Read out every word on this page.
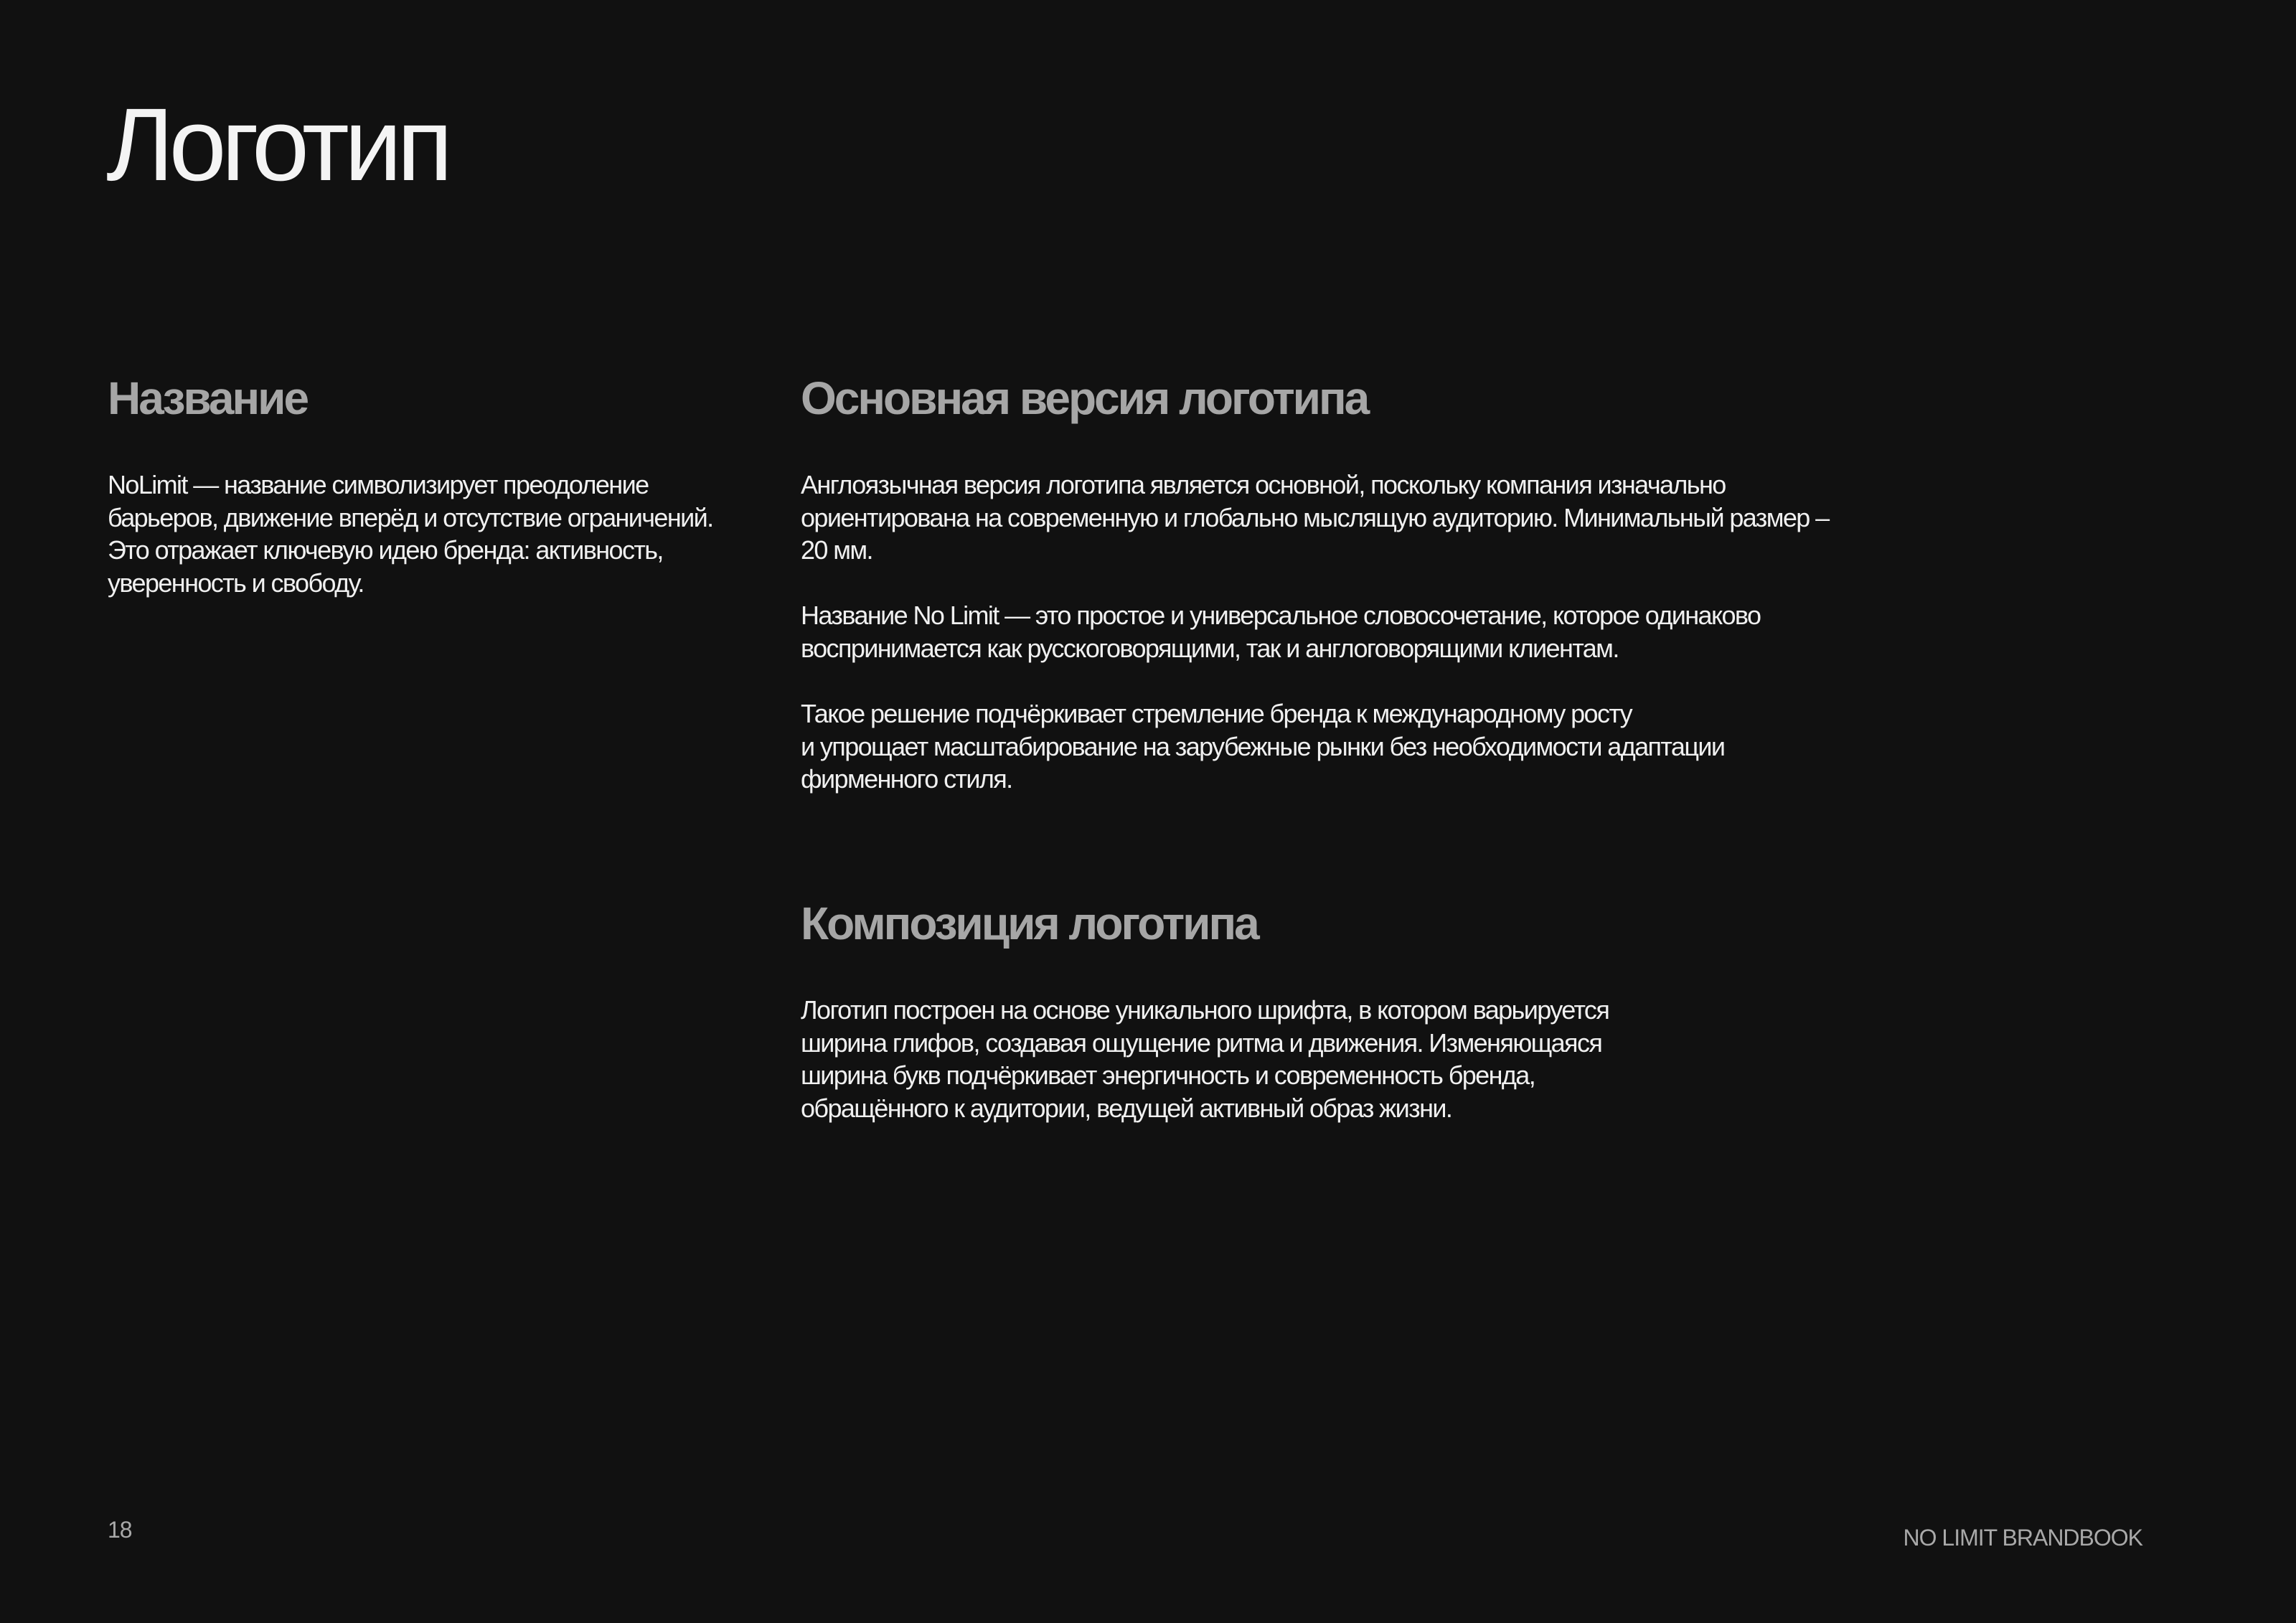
Логотип
Название

NoLimit — название символизирует преодоление
барьеров, движение вперёд и отсутствие ограничений.
Это отражает ключевую идею бренда: активность,
уверенность и свободу.

Основная версия логотипа

Англоязычная версия логотипа является основной, поскольку компания изначально
ориентирована на современную и глобально мыслящую аудиторию. Минимальный размер –
20 мм.

Название No Limit — это простое и универсальное словосочетание, которое одинаково
воспринимается как русскоговорящими, так и англоговорящими клиентам.

Такое решение подчёркивает стремление бренда к международному росту
и упрощает масштабирование на зарубежные рынки без необходимости адаптации
фирменного стиля.

Композиция логотипа

Логотип построен на основе уникального шрифта, в котором варьируется
ширина глифов, создавая ощущение ритма и движения. Изменяющаяся
ширина букв подчёркивает энергичность и современность бренда,
обращённого к аудитории, ведущей активный образ жизни.

18	NO LIMIT BRANDBOOK
